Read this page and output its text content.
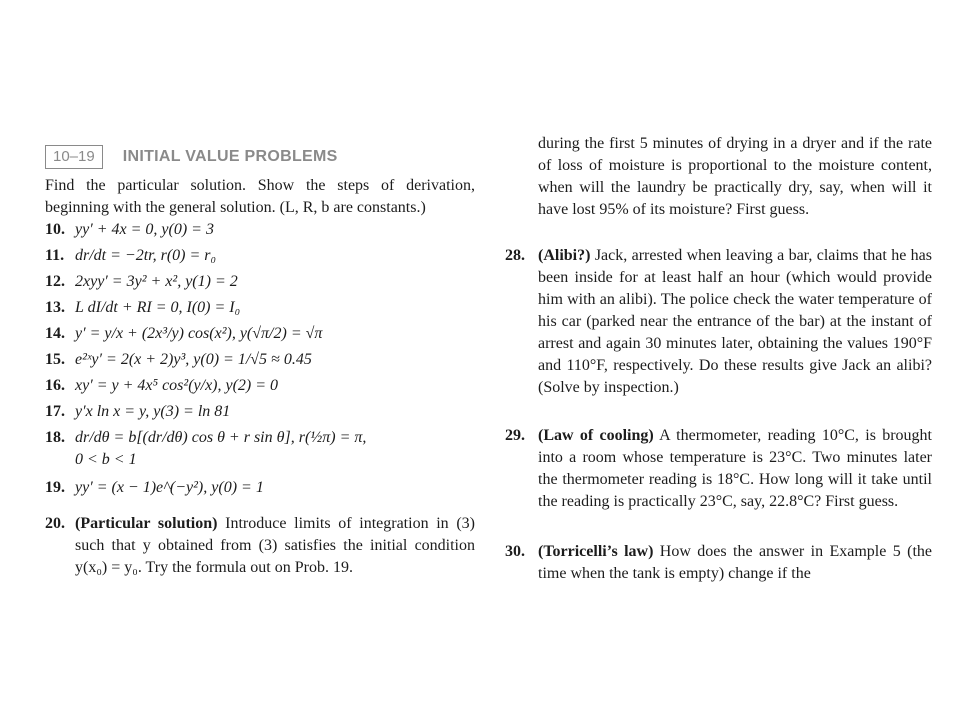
10–19	INITIAL VALUE PROBLEMS
Find the particular solution. Show the steps of derivation, beginning with the general solution. (L, R, b are constants.)
10. yy′ + 4x = 0, y(0) = 3
11. dr/dt = −2tr, r(0) = r₀
12. 2xyy′ = 3y² + x², y(1) = 2
13. L dI/dt + RI = 0, I(0) = I₀
14. y′ = y/x + (2x³/y) cos(x²), y(√π/2) = √π
15. e²ˣy′ = 2(x + 2)y³, y(0) = 1/√5 ≈ 0.45
16. xy′ = y + 4x⁵ cos²(y/x), y(2) = 0
17. y′x ln x = y, y(3) = ln 81
18. dr/dθ = b[(dr/dθ) cos θ + r sin θ], r(½π) = π,
0 < b < 1
19. yy′ = (x − 1)e^(−y²), y(0) = 1
20. (Particular solution) Introduce limits of integration in (3) such that y obtained from (3) satisfies the initial condition y(x₀) = y₀. Try the formula out on Prob. 19.
during the first 5 minutes of drying in a dryer and if the rate of loss of moisture is proportional to the moisture content, when will the laundry be practically dry, say, when will it have lost 95% of its moisture? First guess.
28. (Alibi?) Jack, arrested when leaving a bar, claims that he has been inside for at least half an hour (which would provide him with an alibi). The police check the water temperature of his car (parked near the entrance of the bar) at the instant of arrest and again 30 minutes later, obtaining the values 190°F and 110°F, respectively. Do these results give Jack an alibi? (Solve by inspection.)
29. (Law of cooling) A thermometer, reading 10°C, is brought into a room whose temperature is 23°C. Two minutes later the thermometer reading is 18°C. How long will it take until the reading is practically 23°C, say, 22.8°C? First guess.
30. (Torricelli’s law) How does the answer in Example 5 (the time when the tank is empty) change if the
